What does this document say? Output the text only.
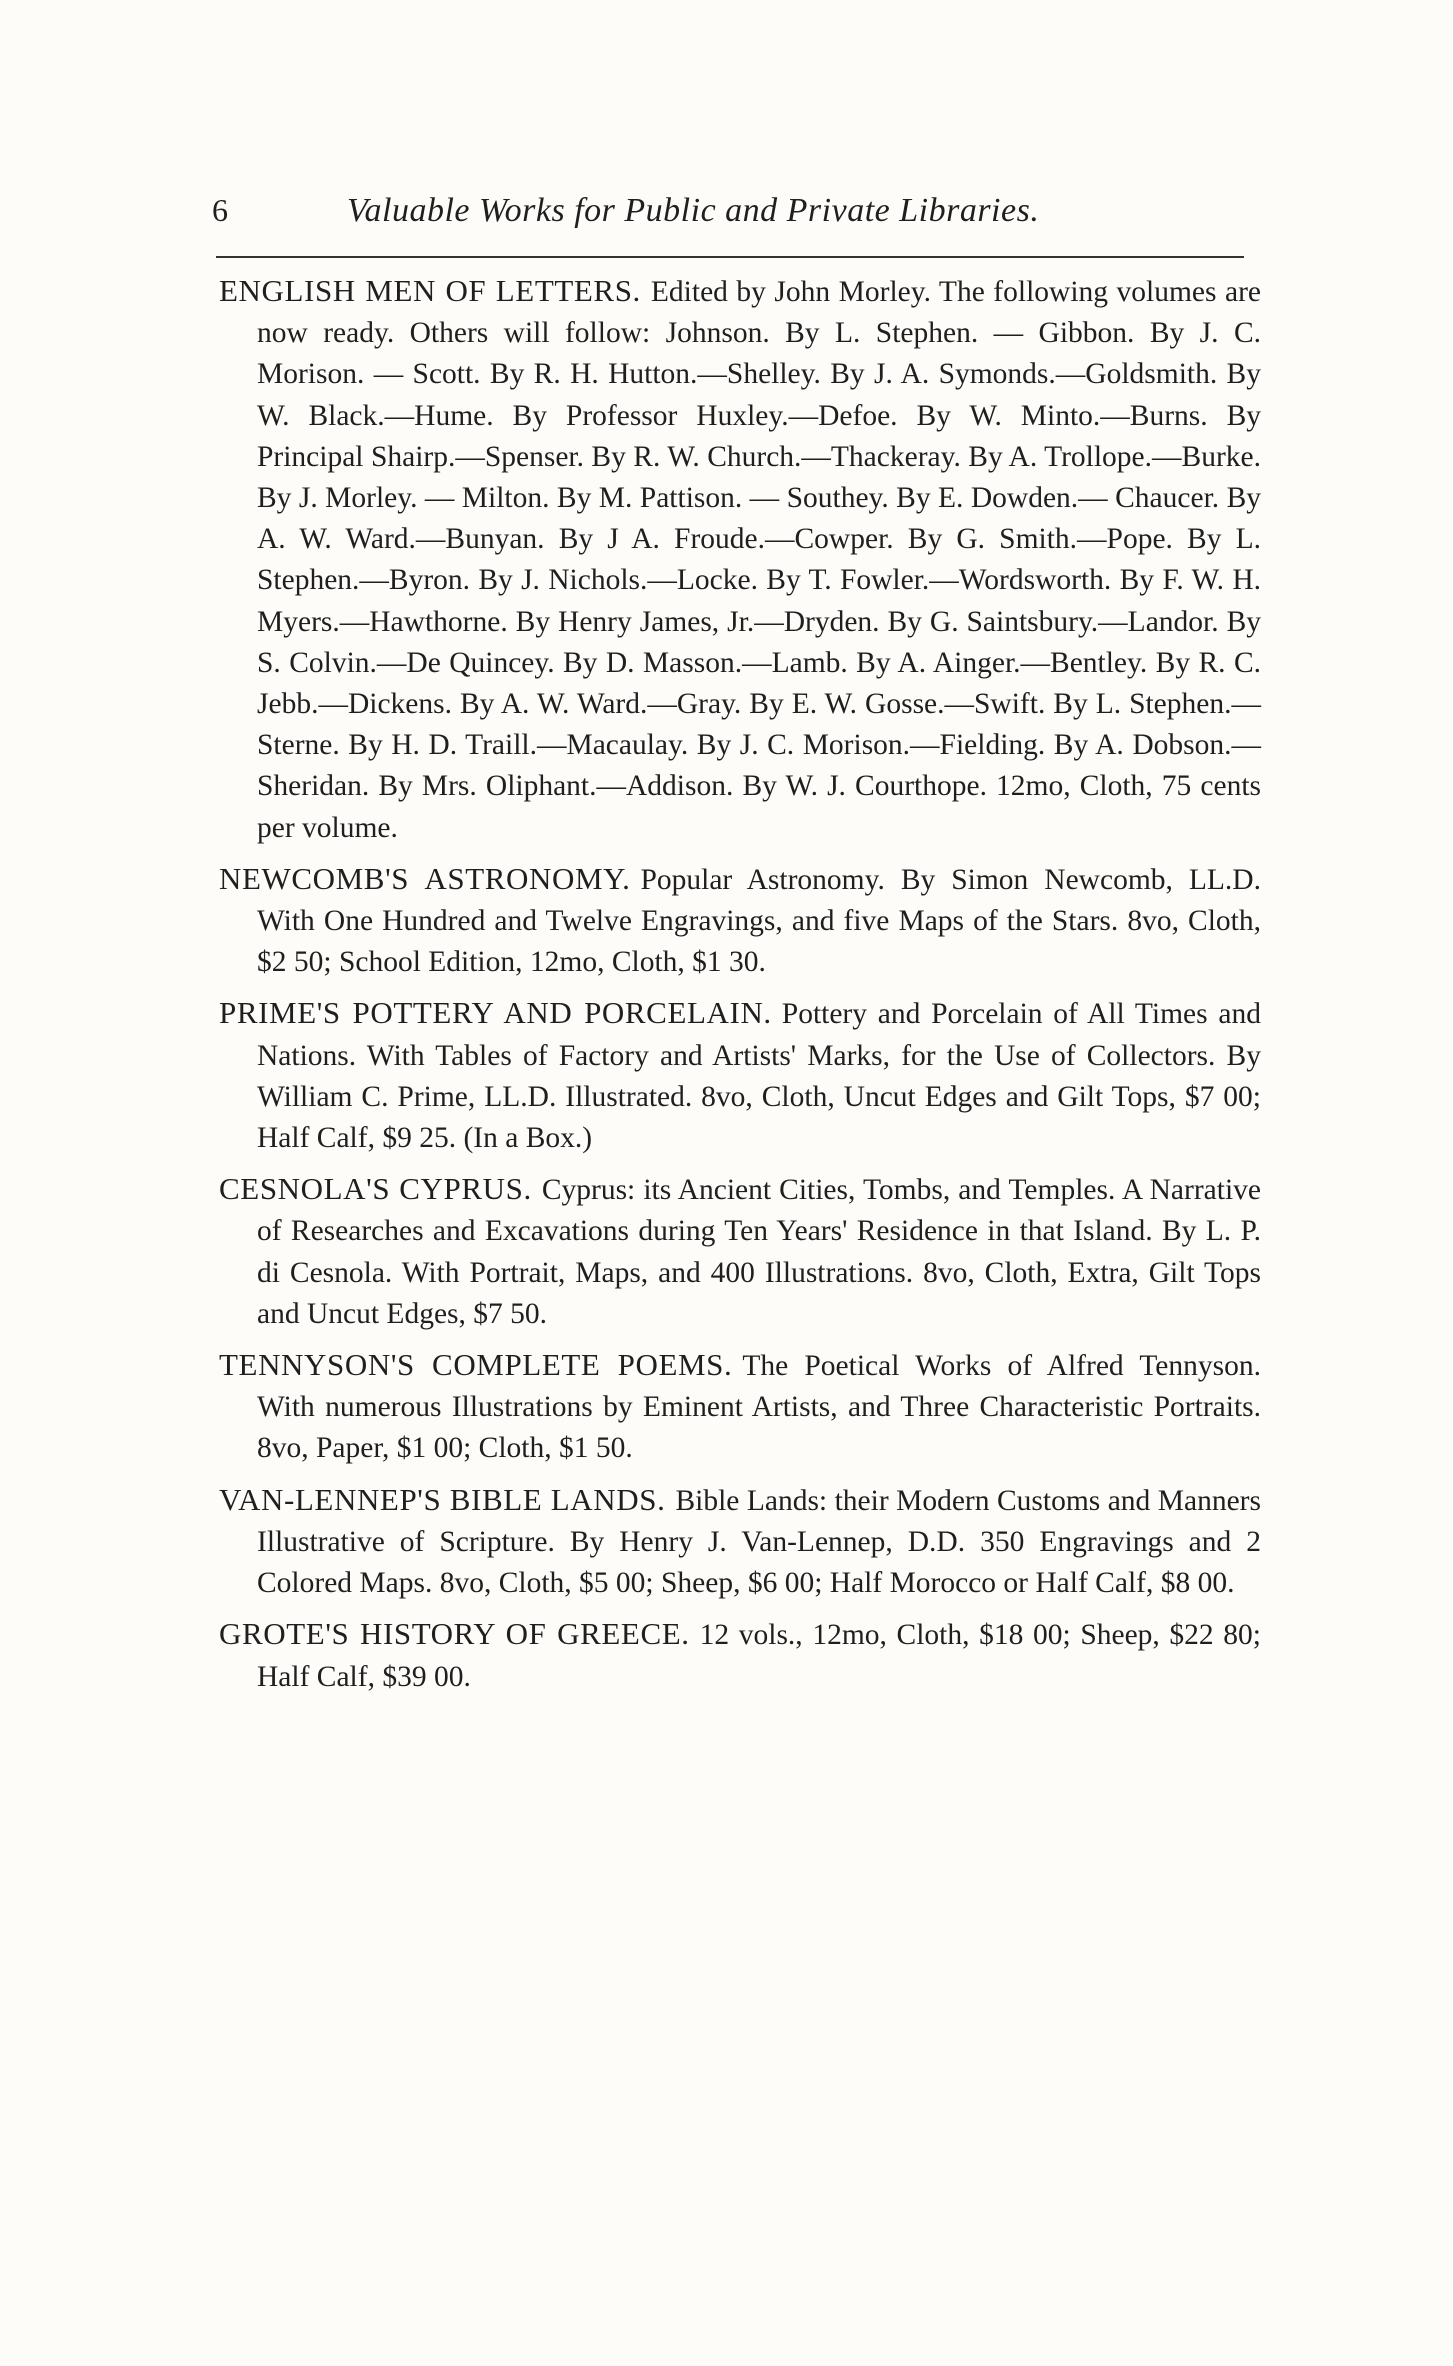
6	Valuable Works for Public and Private Libraries.

ENGLISH MEN OF LETTERS. Edited by John Morley. The following volumes are now ready. Others will follow: Johnson. By L. Stephen. — Gibbon. By J. C. Morison. — Scott. By R. H. Hutton.—Shelley. By J. A. Symonds.—Goldsmith. By W. Black.—Hume. By Professor Huxley.—Defoe. By W. Minto.—Burns. By Principal Shairp.—Spenser. By R. W. Church.—Thackeray. By A. Trollope.—Burke. By J. Morley. — Milton. By M. Pattison. — Southey. By E. Dowden.— Chaucer. By A. W. Ward.—Bunyan. By J A. Froude.—Cowper. By G. Smith.—Pope. By L. Stephen.—Byron. By J. Nichols.—Locke. By T. Fowler.—Wordsworth. By F. W. H. Myers.—Hawthorne. By Henry James, Jr.—Dryden. By G. Saintsbury.—Landor. By S. Colvin.—De Quincey. By D. Masson.—Lamb. By A. Ainger.—Bentley. By R. C. Jebb.—Dickens. By A. W. Ward.—Gray. By E. W. Gosse.—Swift. By L. Stephen.—Sterne. By H. D. Traill.—Macaulay. By J. C. Morison.—Fielding. By A. Dobson.—Sheridan. By Mrs. Oliphant.—Addison. By W. J. Courthope. 12mo, Cloth, 75 cents per volume.

NEWCOMB'S ASTRONOMY. Popular Astronomy. By Simon Newcomb, LL.D. With One Hundred and Twelve Engravings, and five Maps of the Stars. 8vo, Cloth, $2 50; School Edition, 12mo, Cloth, $1 30.

PRIME'S POTTERY AND PORCELAIN. Pottery and Porcelain of All Times and Nations. With Tables of Factory and Artists' Marks, for the Use of Collectors. By William C. Prime, LL.D. Illustrated. 8vo, Cloth, Uncut Edges and Gilt Tops, $7 00; Half Calf, $9 25. (In a Box.)

CESNOLA'S CYPRUS. Cyprus: its Ancient Cities, Tombs, and Temples. A Narrative of Researches and Excavations during Ten Years' Residence in that Island. By L. P. di Cesnola. With Portrait, Maps, and 400 Illustrations. 8vo, Cloth, Extra, Gilt Tops and Uncut Edges, $7 50.

TENNYSON'S COMPLETE POEMS. The Poetical Works of Alfred Tennyson. With numerous Illustrations by Eminent Artists, and Three Characteristic Portraits. 8vo, Paper, $1 00; Cloth, $1 50.

VAN-LENNEP'S BIBLE LANDS. Bible Lands: their Modern Customs and Manners Illustrative of Scripture. By Henry J. Van-Lennep, D.D. 350 Engravings and 2 Colored Maps. 8vo, Cloth, $5 00; Sheep, $6 00; Half Morocco or Half Calf, $8 00.

GROTE'S HISTORY OF GREECE. 12 vols., 12mo, Cloth, $18 00; Sheep, $22 80; Half Calf, $39 00.
